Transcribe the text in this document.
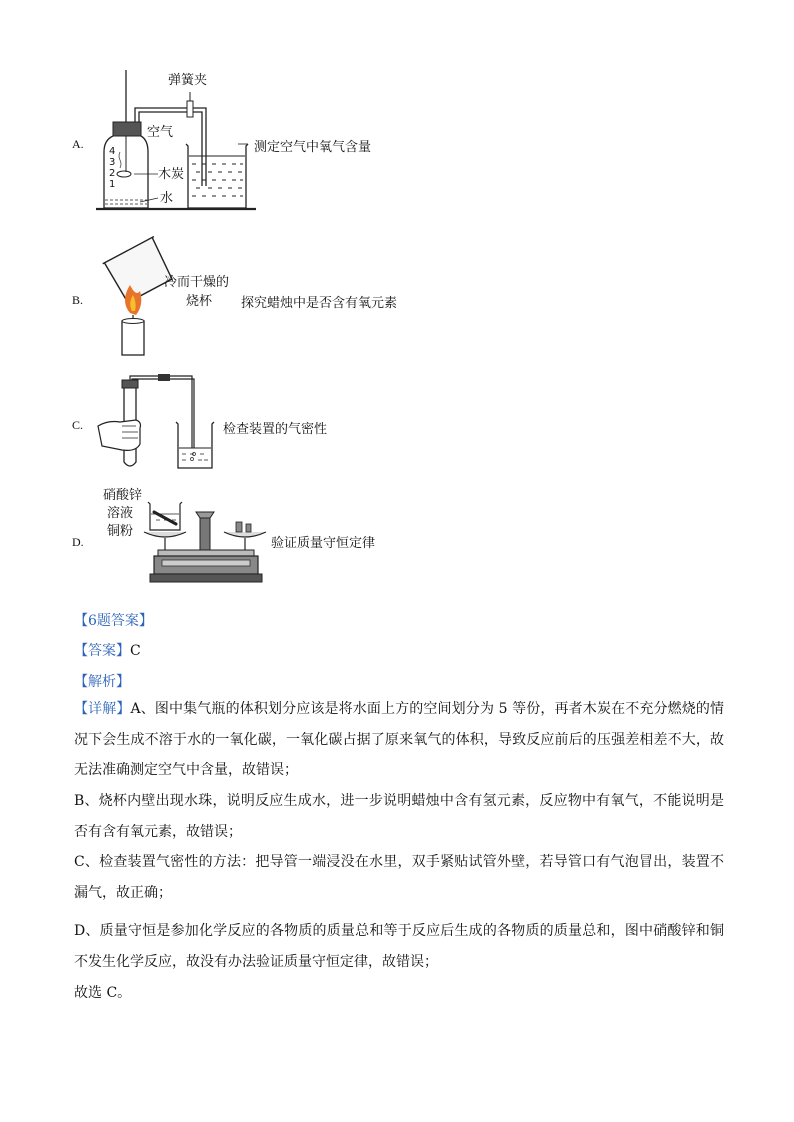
A.
4
3
2
1
弹簧夹
空气
木炭
水
测定空气中氧气含量
B.
冷而干燥的
烧杯 探究蜡烛中是否含有氧元素
C.	检查装置的气密性
D.
硝酸锌
溶液
铜粉
验证质量守恒定律
【6题答案】
【答案】C
【解析】
【详解】A、图中集气瓶的体积划分应该是将水面上方的空间划分为 5 等份，再者木炭在不充分燃烧的情况下会生成不溶于水的一氧化碳，一氧化碳占据了原来氧气的体积，导致反应前后的压强差相差不大，故无法准确测定空气中含量，故错误；
B、烧杯内壁出现水珠，说明反应生成水，进一步说明蜡烛中含有氢元素，反应物中有氧气，不能说明是否有含有氧元素，故错误；
C、检查装置气密性的方法：把导管一端浸没在水里，双手紧贴试管外壁，若导管口有气泡冒出，装置不漏气，故正确；
D、质量守恒是参加化学反应的各物质的质量总和等于反应后生成的各物质的质量总和，图中硝酸锌和铜不发生化学反应，故没有办法验证质量守恒定律，故错误；
故选 C。
